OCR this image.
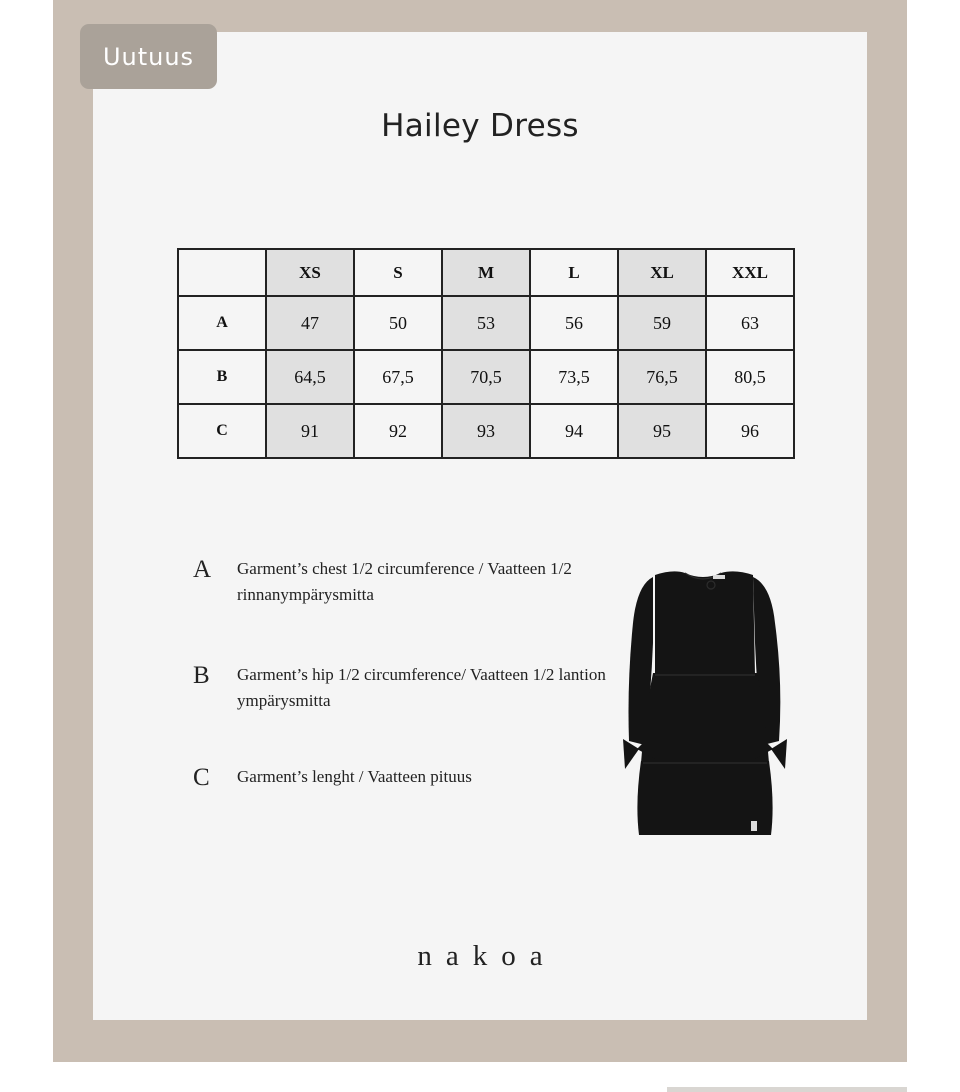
Uutuus
Hailey Dress
	XS	S	M	L	XL	XXL
A	47	50	53	56	59	63
B	64,5	67,5	70,5	73,5	76,5	80,5
C	91	92	93	94	95	96
A	Garment’s chest 1/2 circumference / Vaatteen 1/2 rinnanympärysmitta
B	Garment’s hip 1/2 circumference/ Vaatteen 1/2 lantion ympärysmitta
C	Garment’s lenght / Vaatteen pituus
nakoa
